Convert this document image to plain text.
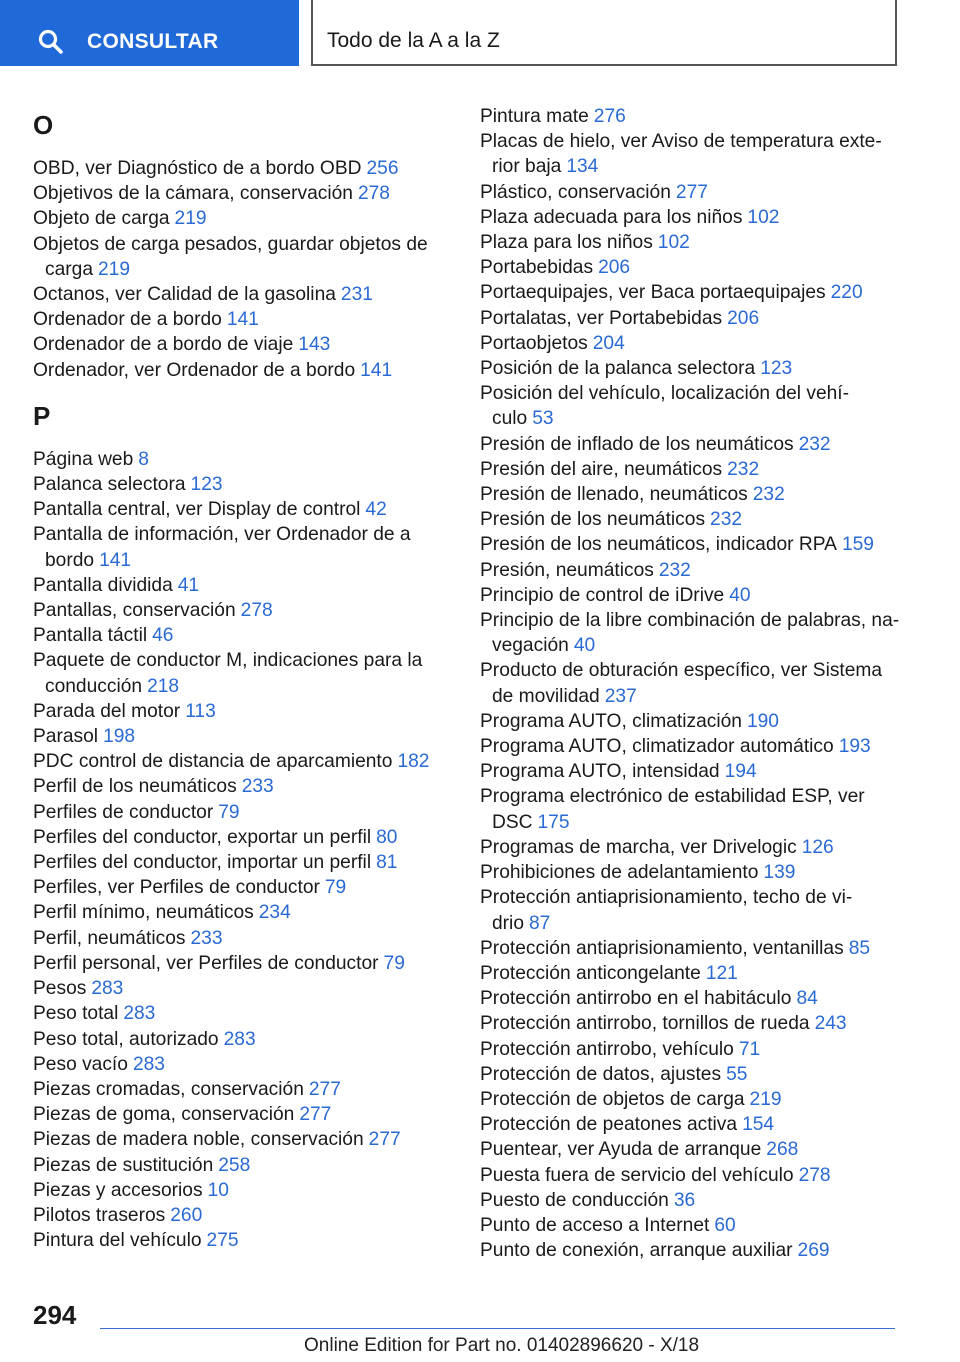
CONSULTAR	Todo de la A a la Z
O
OBD, ver Diagnóstico de a bordo OBD 256
Objetivos de la cámara, conservación 278
Objeto de carga 219
Objetos de carga pesados, guardar objetos de carga 219
Octanos, ver Calidad de la gasolina 231
Ordenador de a bordo 141
Ordenador de a bordo de viaje 143
Ordenador, ver Ordenador de a bordo 141
P
Página web 8
Palanca selectora 123
Pantalla central, ver Display de control 42
Pantalla de información, ver Ordenador de a bordo 141
Pantalla dividida 41
Pantallas, conservación 278
Pantalla táctil 46
Paquete de conductor M, indicaciones para la conducción 218
Parada del motor 113
Parasol 198
PDC control de distancia de aparcamiento 182
Perfil de los neumáticos 233
Perfiles de conductor 79
Perfiles del conductor, exportar un perfil 80
Perfiles del conductor, importar un perfil 81
Perfiles, ver Perfiles de conductor 79
Perfil mínimo, neumáticos 234
Perfil, neumáticos 233
Perfil personal, ver Perfiles de conductor 79
Pesos 283
Peso total 283
Peso total, autorizado 283
Peso vacío 283
Piezas cromadas, conservación 277
Piezas de goma, conservación 277
Piezas de madera noble, conservación 277
Piezas de sustitución 258
Piezas y accesorios 10
Pilotos traseros 260
Pintura del vehículo 275
Pintura mate 276
Placas de hielo, ver Aviso de temperatura exterior baja 134
Plástico, conservación 277
Plaza adecuada para los niños 102
Plaza para los niños 102
Portabebidas 206
Portaequipajes, ver Baca portaequipajes 220
Portalatas, ver Portabebidas 206
Portaobjetos 204
Posición de la palanca selectora 123
Posición del vehículo, localización del vehículo 53
Presión de inflado de los neumáticos 232
Presión del aire, neumáticos 232
Presión de llenado, neumáticos 232
Presión de los neumáticos 232
Presión de los neumáticos, indicador RPA 159
Presión, neumáticos 232
Principio de control de iDrive 40
Principio de la libre combinación de palabras, navegación 40
Producto de obturación específico, ver Sistema de movilidad 237
Programa AUTO, climatización 190
Programa AUTO, climatizador automático 193
Programa AUTO, intensidad 194
Programa electrónico de estabilidad ESP, ver DSC 175
Programas de marcha, ver Drivelogic 126
Prohibiciones de adelantamiento 139
Protección antiaprisionamiento, techo de vidrio 87
Protección antiaprisionamiento, ventanillas 85
Protección anticongelante 121
Protección antirrobo en el habitáculo 84
Protección antirrobo, tornillos de rueda 243
Protección antirrobo, vehículo 71
Protección de datos, ajustes 55
Protección de objetos de carga 219
Protección de peatones activa 154
Puentear, ver Ayuda de arranque 268
Puesta fuera de servicio del vehículo 278
Puesto de conducción 36
Punto de acceso a Internet 60
Punto de conexión, arranque auxiliar 269
294
Online Edition for Part no. 01402896620 - X/18
